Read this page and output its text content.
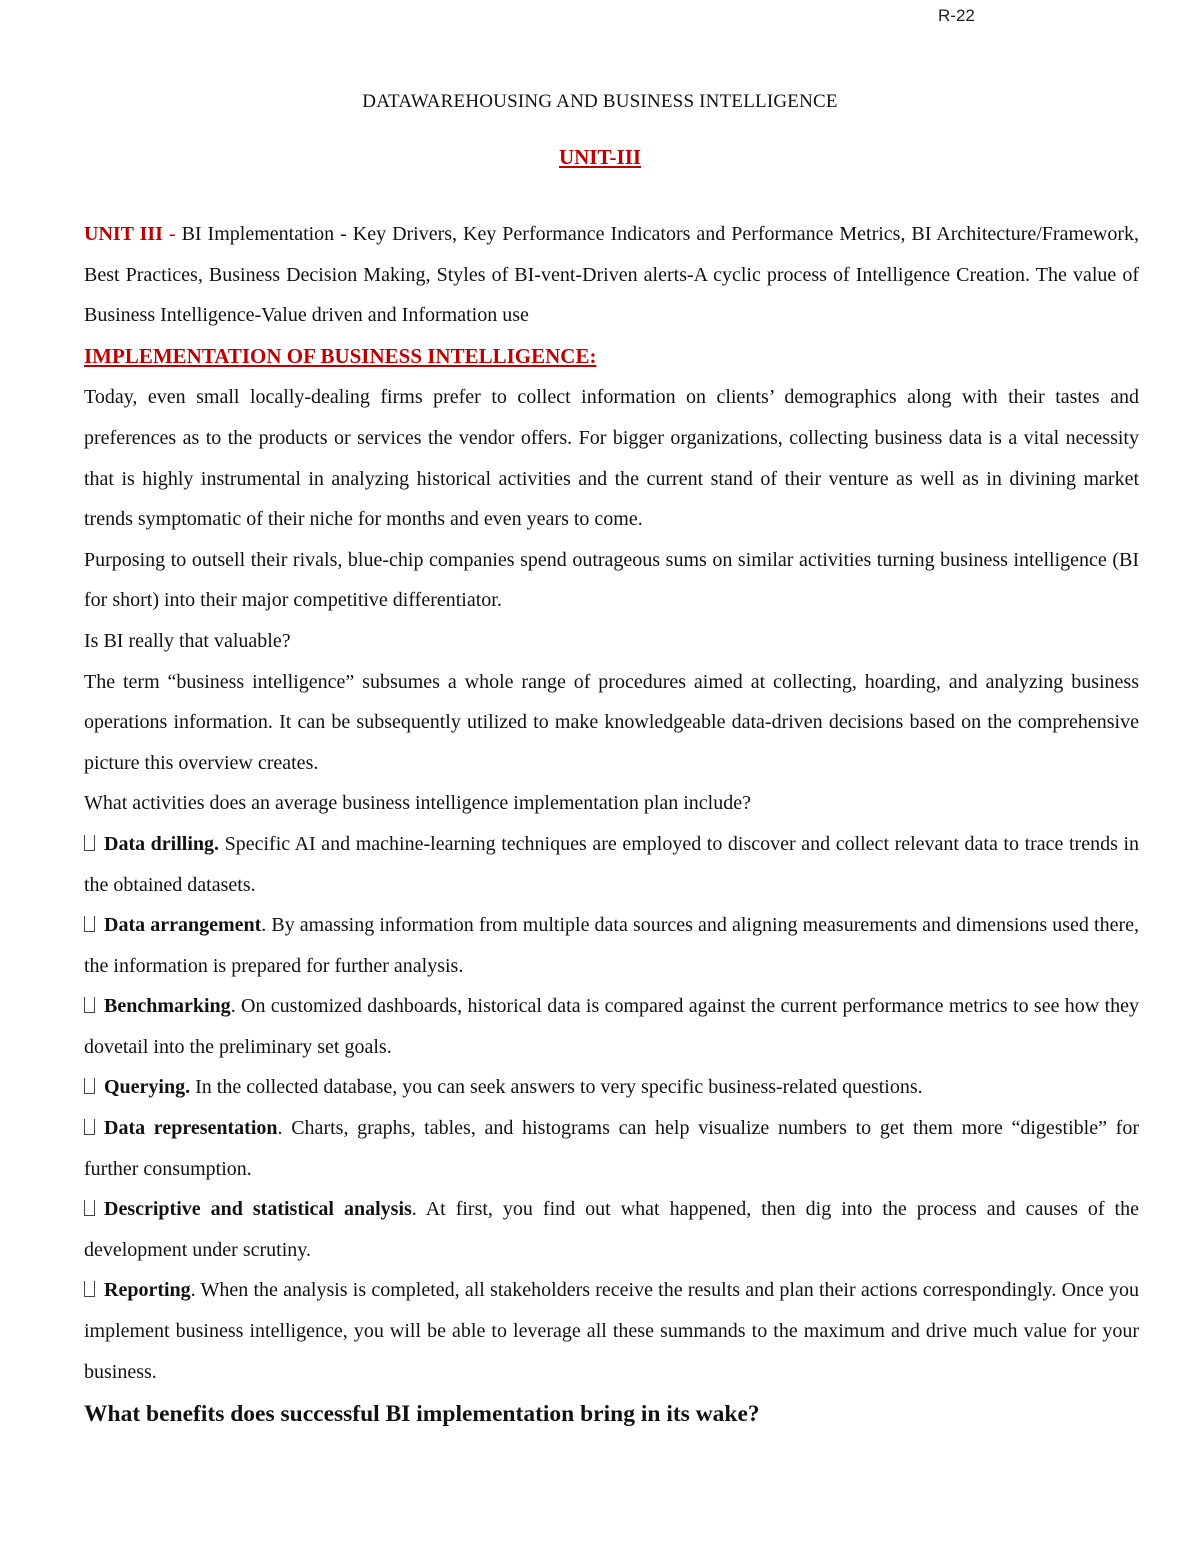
R-22
DATAWAREHOUSING AND BUSINESS INTELLIGENCE
UNIT-III

UNIT III - BI Implementation - Key Drivers, Key Performance Indicators and Performance Metrics, BI Architecture/Framework, Best Practices, Business Decision Making, Styles of BI-vent-Driven alerts-A cyclic process of Intelligence Creation. The value of Business Intelligence-Value driven and Information use

IMPLEMENTATION OF BUSINESS INTELLIGENCE:

Today, even small locally-dealing firms prefer to collect information on clients’ demographics along with their tastes and preferences as to the products or services the vendor offers. For bigger organizations, collecting business data is a vital necessity that is highly instrumental in analyzing historical activities and the current stand of their venture as well as in divining market trends symptomatic of their niche for months and even years to come.

Purposing to outsell their rivals, blue-chip companies spend outrageous sums on similar activities turning business intelligence (BI for short) into their major competitive differentiator.

Is BI really that valuable?

The term “business intelligence” subsumes a whole range of procedures aimed at collecting, hoarding, and analyzing business operations information. It can be subsequently utilized to make knowledgeable data-driven decisions based on the comprehensive picture this overview creates.

What activities does an average business intelligence implementation plan include?

Data drilling. Specific AI and machine-learning techniques are employed to discover and collect relevant data to trace trends in the obtained datasets.

Data arrangement. By amassing information from multiple data sources and aligning measurements and dimensions used there, the information is prepared for further analysis.

Benchmarking. On customized dashboards, historical data is compared against the current performance metrics to see how they dovetail into the preliminary set goals.

Querying. In the collected database, you can seek answers to very specific business-related questions.

Data representation. Charts, graphs, tables, and histograms can help visualize numbers to get them more “digestible” for further consumption.

Descriptive and statistical analysis. At first, you find out what happened, then dig into the process and causes of the development under scrutiny.

Reporting. When the analysis is completed, all stakeholders receive the results and plan their actions correspondingly. Once you implement business intelligence, you will be able to leverage all these summands to the maximum and drive much value for your business.

What benefits does successful BI implementation bring in its wake?
